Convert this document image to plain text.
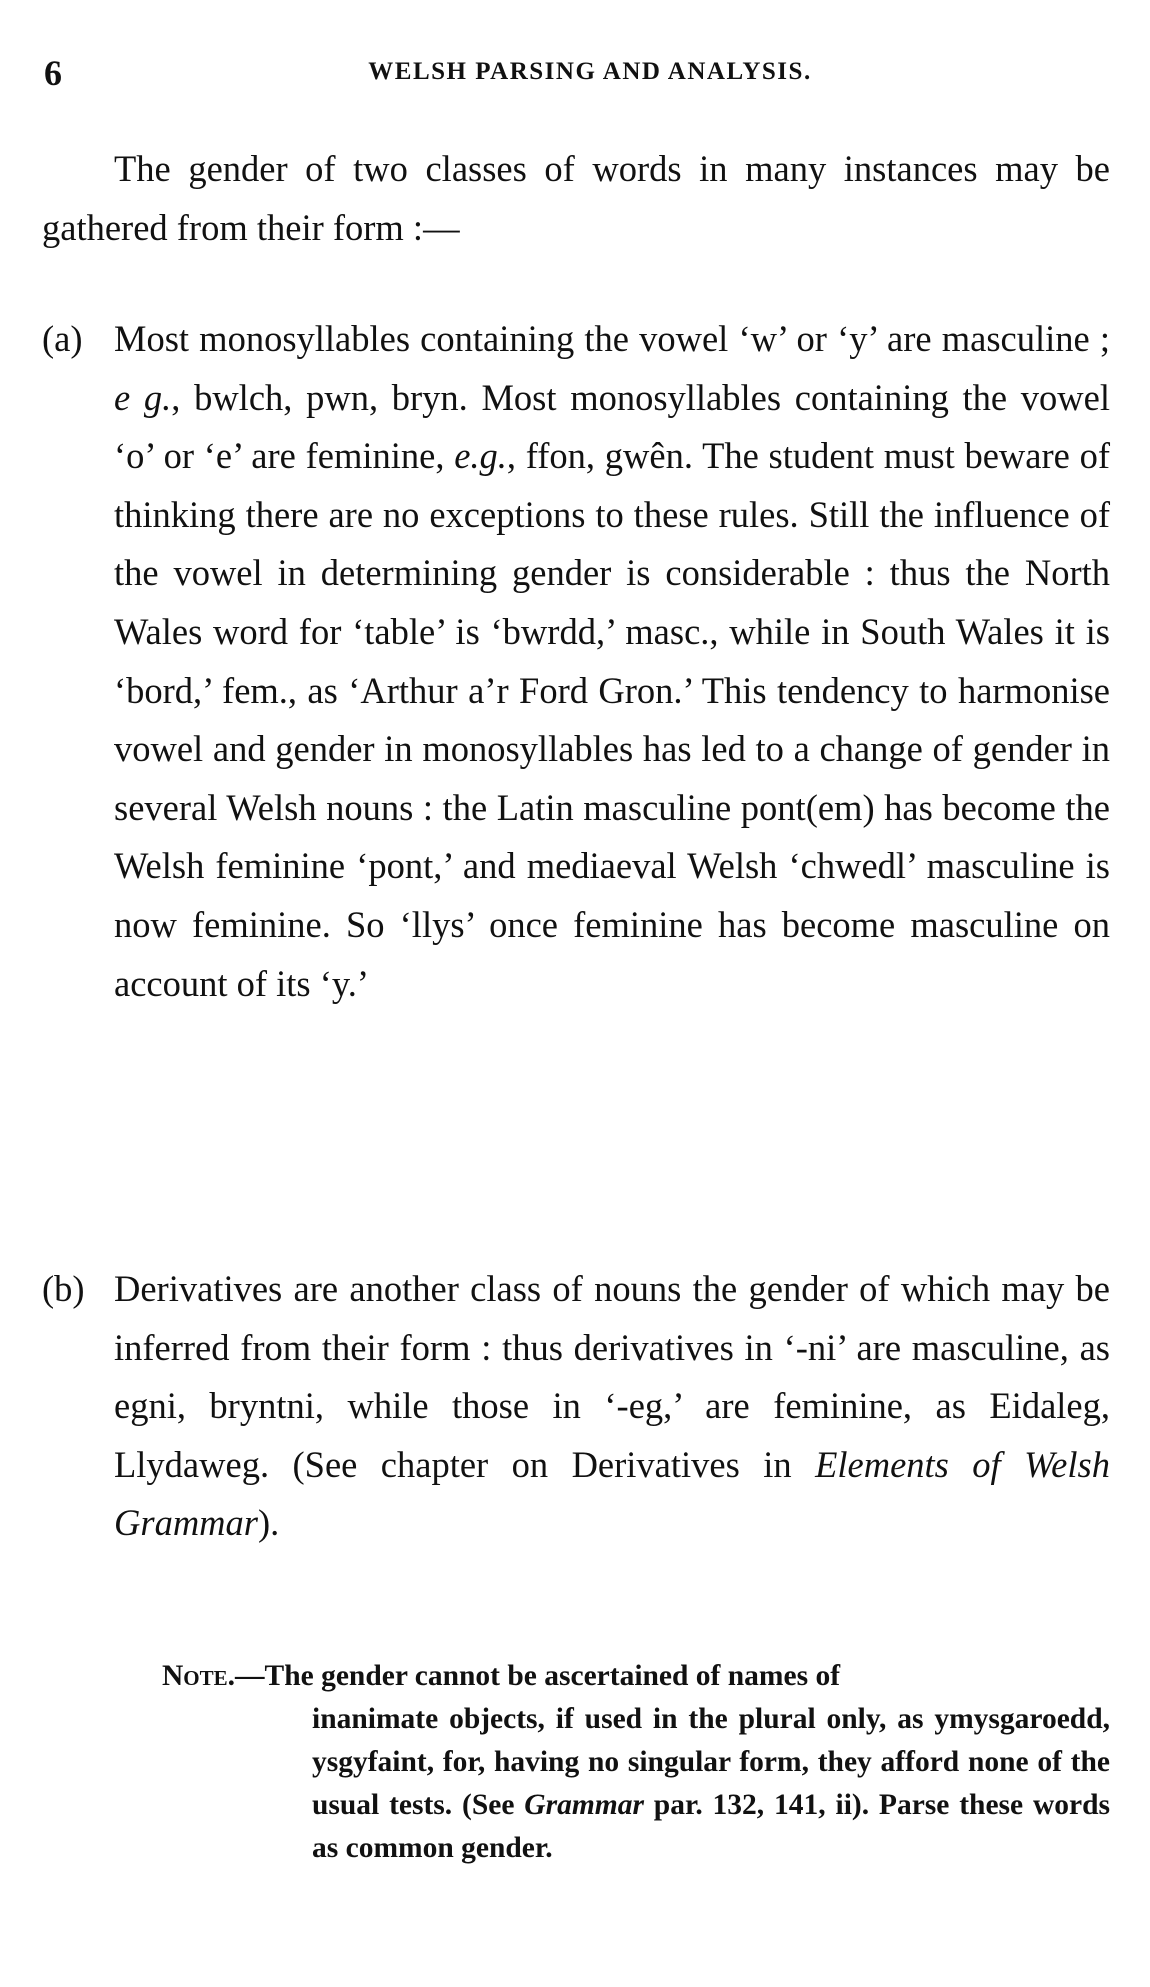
6	WELSH PARSING AND ANALYSIS.

The gender of two classes of words in many instances may be gathered from their form :—

(a) Most monosyllables containing the vowel ‘w’ or ‘y’ are masculine ; e g., bwlch, pwn, bryn. Most monosyllables containing the vowel ‘o’ or ‘e’ are feminine, e.g., ffon, gwên. The student must beware of thinking there are no exceptions to these rules. Still the influence of the vowel in determining gender is considerable : thus the North Wales word for ‘table’ is ‘bwrdd,’ masc., while in South Wales it is ‘bord,’ fem., as ‘Arthur a’r Ford Gron.’ This tendency to harmonise vowel and gender in monosyllables has led to a change of gender in several Welsh nouns : the Latin masculine pont(em) has become the Welsh feminine ‘pont,’ and mediaeval Welsh ‘chwedl’ masculine is now feminine. So ‘llys’ once feminine has become masculine on account of its ‘y.’
(b) Derivatives are another class of nouns the gender of which may be inferred from their form : thus derivatives in ‘-ni’ are masculine, as egni, bryntni, while those in ‘-eg,’ are feminine, as Eidaleg, Llydaweg. (See chapter on Derivatives in Elements of Welsh Grammar).
Note.—The gender cannot be ascertained of names of
inanimate objects, if used in the plural only, as ymysgaroedd, ysgyfaint, for, having no singular form, they afford none of the usual tests. (See Grammar par. 132, 141, ii). Parse these words as common gender.
